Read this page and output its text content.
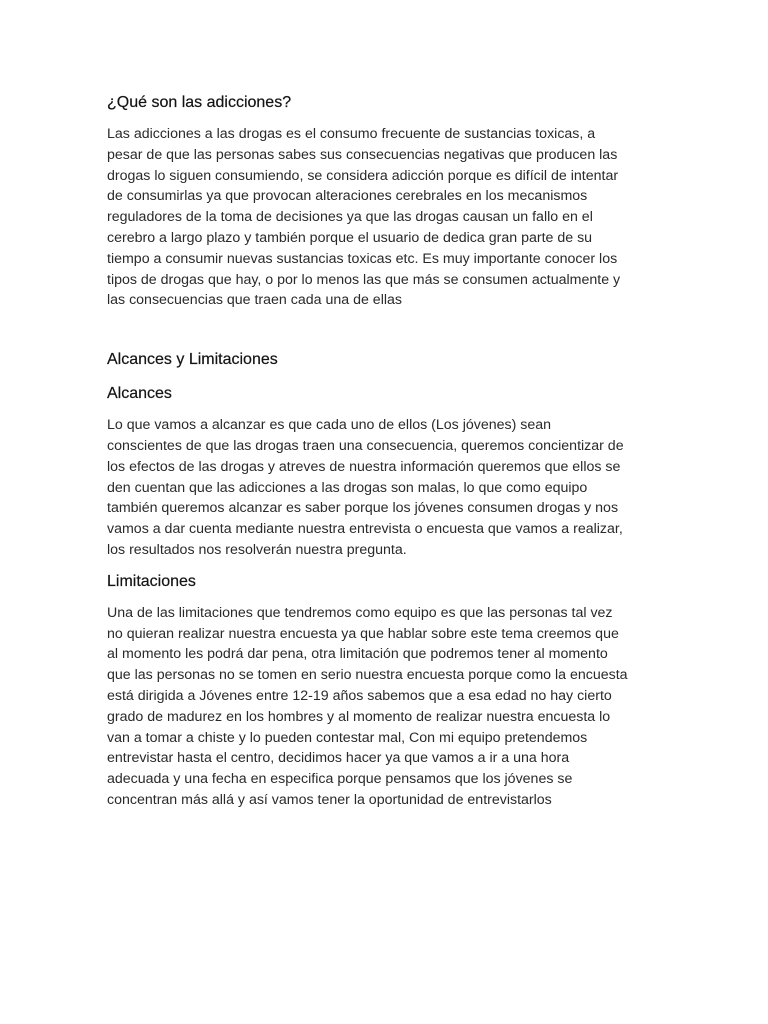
¿Qué son las adicciones?

Las adicciones a las drogas es el consumo frecuente de sustancias toxicas, a
pesar de que las personas sabes sus consecuencias negativas que producen las
drogas lo siguen consumiendo, se considera adicción porque es difícil de intentar
de consumirlas ya que provocan alteraciones cerebrales en los mecanismos
reguladores de la toma de decisiones ya que las drogas causan un fallo en el
cerebro a largo plazo y también porque el usuario de dedica gran parte de su
tiempo a consumir nuevas sustancias toxicas etc. Es muy importante conocer los
tipos de drogas que hay, o por lo menos las que más se consumen actualmente y
las consecuencias que traen cada una de ellas

Alcances y Limitaciones
Alcances

Lo que vamos a alcanzar es que cada uno de ellos (Los jóvenes) sean
conscientes de que las drogas traen una consecuencia, queremos concientizar de
los efectos de las drogas y atreves de nuestra información queremos que ellos se
den cuentan que las adicciones a las drogas son malas, lo que como equipo
también queremos alcanzar es saber porque los jóvenes consumen drogas y nos
vamos a dar cuenta mediante nuestra entrevista o encuesta que vamos a realizar,
los resultados nos resolverán nuestra pregunta.

Limitaciones

Una de las limitaciones que tendremos como equipo es que las personas tal vez
no quieran realizar nuestra encuesta ya que hablar sobre este tema creemos que
al momento les podrá dar pena, otra limitación que podremos tener al momento
que las personas no se tomen en serio nuestra encuesta porque como la encuesta
está dirigida a Jóvenes entre 12-19 años sabemos que a esa edad no hay cierto
grado de madurez en los hombres y al momento de realizar nuestra encuesta lo
van a tomar a chiste y lo pueden contestar mal, Con mi equipo pretendemos
entrevistar hasta el centro, decidimos hacer ya que vamos a ir a una hora
adecuada y una fecha en especifica porque pensamos que los jóvenes se
concentran más allá y así vamos tener la oportunidad de entrevistarlos
